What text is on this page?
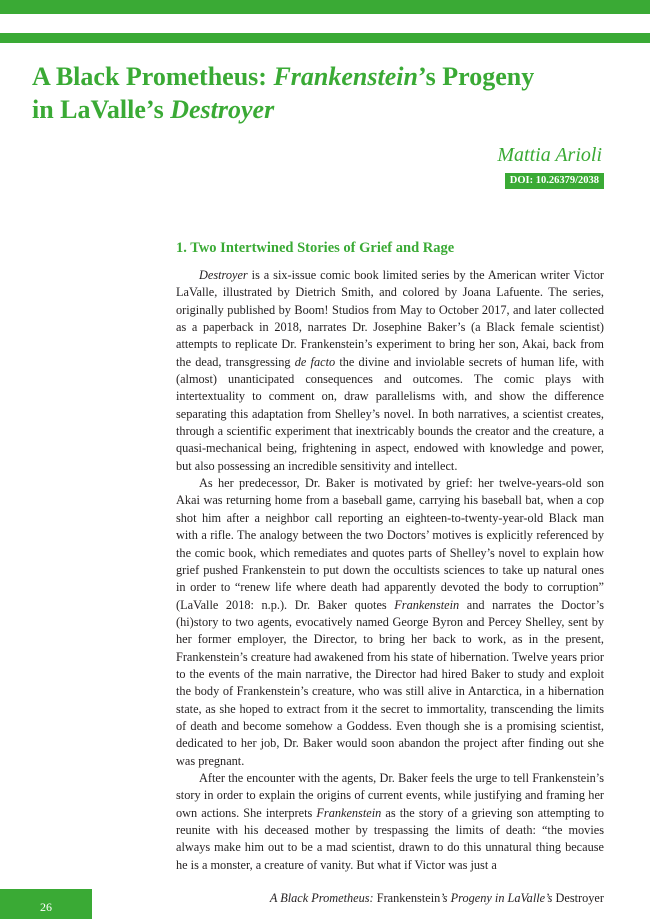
A Black Prometheus: Frankenstein’s Progeny
in LaValle’s Destroyer

Mattia Arioli

DOI: 10.26379/2038
1. Two Intertwined Stories of Grief and Rage

Destroyer is a six-issue comic book limited series by the American writer Victor LaValle, illustrated by Dietrich Smith, and colored by Joana Lafuente. The series, originally published by Boom! Studios from May to October 2017, and later collected as a paperback in 2018, narrates Dr. Josephine Baker’s (a Black female scientist) attempts to replicate Dr. Frankenstein’s experiment to bring her son, Akai, back from the dead, transgressing de facto the divine and inviolable secrets of human life, with (almost) unanticipated consequences and outcomes. The comic plays with intertextuality to comment on, draw parallelisms with, and show the difference separating this adaptation from Shelley’s novel. In both narratives, a scientist creates, through a scientific experiment that inextricably bounds the creator and the creature, a quasi-mechanical being, frightening in aspect, endowed with knowledge and power, but also possessing an incredible sensitivity and intellect.

As her predecessor, Dr. Baker is motivated by grief: her twelve-years-old son Akai was returning home from a baseball game, carrying his baseball bat, when a cop shot him after a neighbor call reporting an eighteen-to-twenty-year-old Black man with a rifle. The analogy between the two Doctors’ motives is explicitly referenced by the comic book, which remediates and quotes parts of Shelley’s novel to explain how grief pushed Frankenstein to put down the occultists sciences to take up natural ones in order to “renew life where death had apparently devoted the body to corruption” (LaValle 2018: n.p.). Dr. Baker quotes Frankenstein and narrates the Doctor’s (hi)story to two agents, evocatively named George Byron and Percey Shelley, sent by her former employer, the Director, to bring her back to work, as in the present, Frankenstein’s creature had awakened from his state of hibernation. Twelve years prior to the events of the main narrative, the Director had hired Baker to study and exploit the body of Frankenstein’s creature, who was still alive in Antarctica, in a hibernation state, as she hoped to extract from it the secret to immortality, transcending the limits of death and become somehow a Goddess. Even though she is a promising scientist, dedicated to her job, Dr. Baker would soon abandon the project after finding out she was pregnant.

After the encounter with the agents, Dr. Baker feels the urge to tell Frankenstein’s story in order to explain the origins of current events, while justifying and framing her own actions. She interprets Frankenstein as the story of a grieving son attempting to reunite with his deceased mother by trespassing the limits of death: “the movies always make him out to be a mad scientist, drawn to do this unnatural thing because he is a monster, a creature of vanity. But what if Victor was just a

26

A Black Prometheus: Frankenstein’s Progeny in LaValle’s Destroyer
